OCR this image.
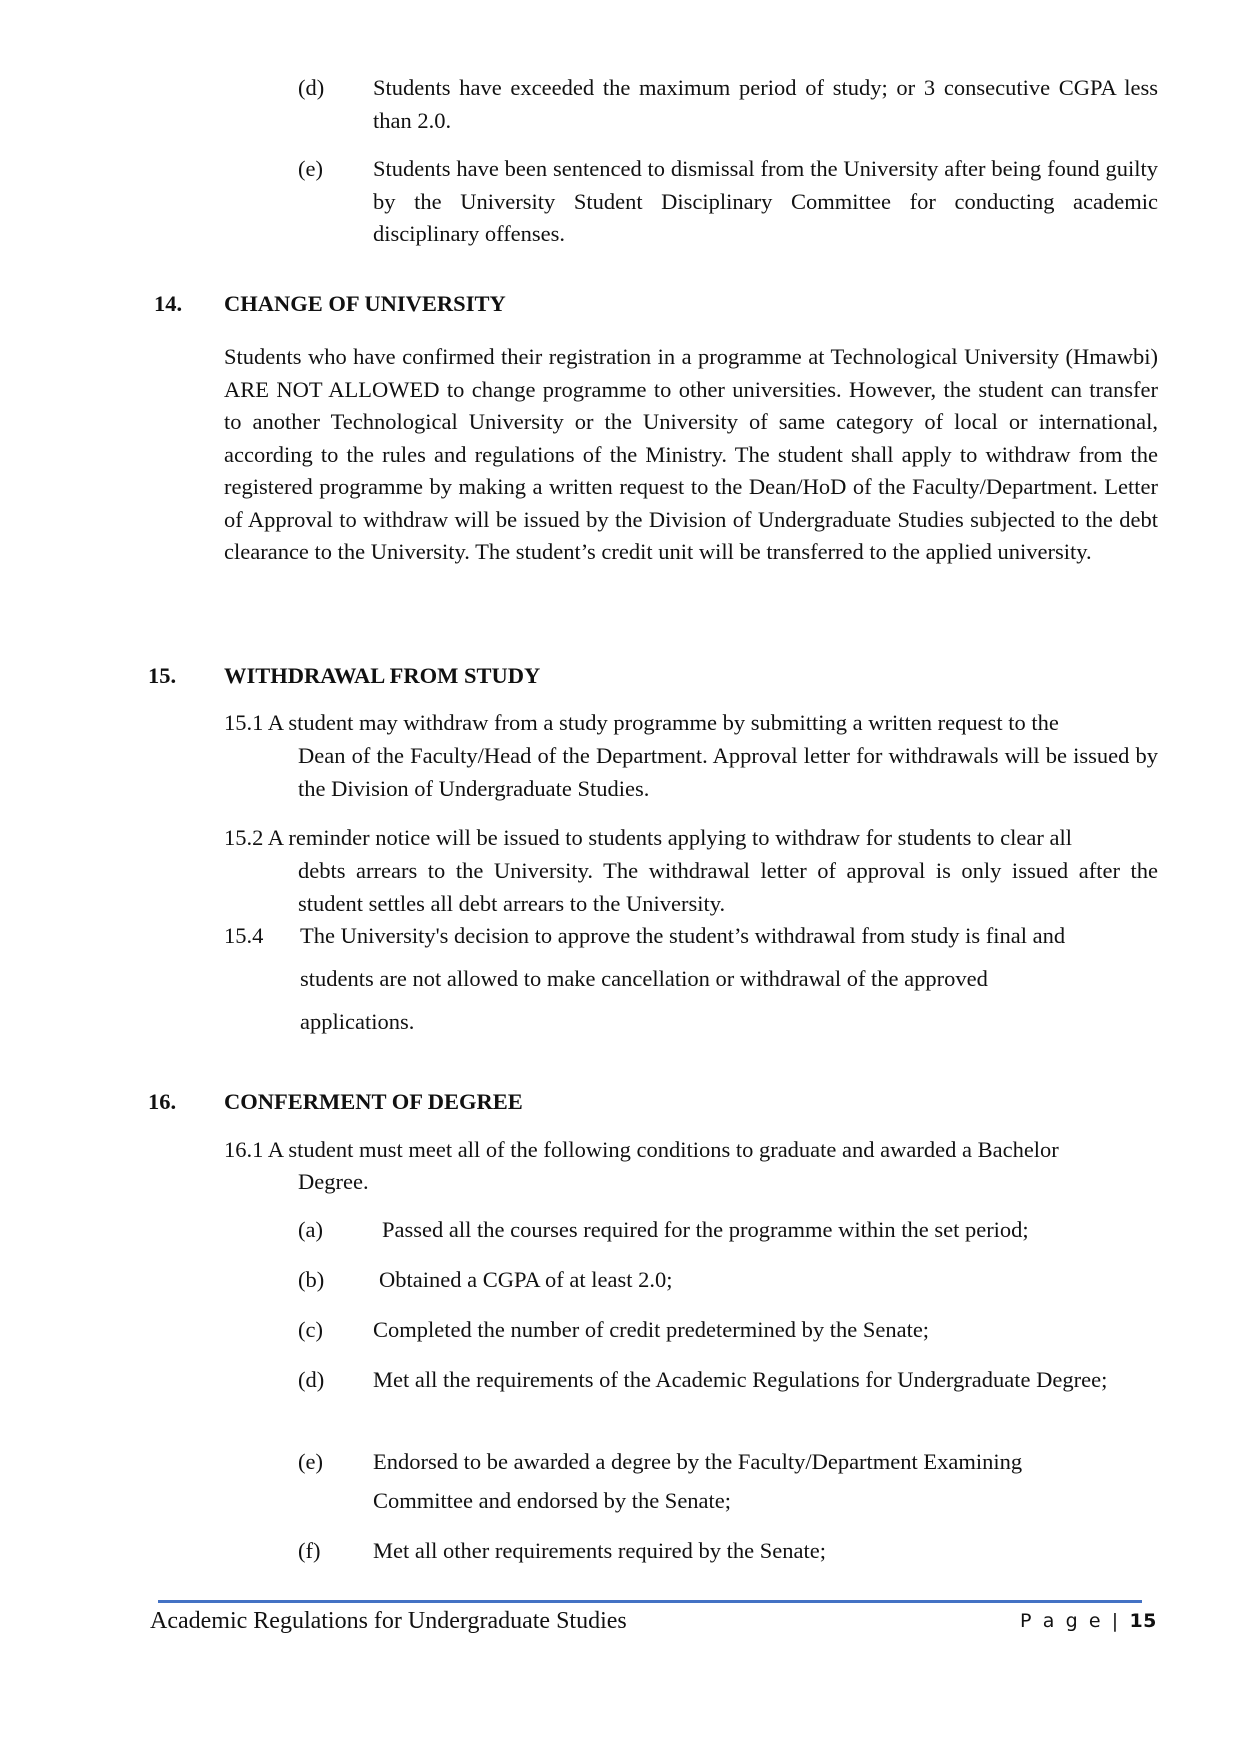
(d) Students have exceeded the maximum period of study; or 3 consecutive CGPA less than 2.0.
(e) Students have been sentenced to dismissal from the University after being found guilty by the University Student Disciplinary Committee for conducting academic disciplinary offenses.
14. CHANGE OF UNIVERSITY
Students who have confirmed their registration in a programme at Technological University (Hmawbi) ARE NOT ALLOWED to change programme to other universities. However, the student can transfer to another Technological University or the University of same category of local or international, according to the rules and regulations of the Ministry. The student shall apply to withdraw from the registered programme by making a written request to the Dean/HoD of the Faculty/Department. Letter of Approval to withdraw will be issued by the Division of Undergraduate Studies subjected to the debt clearance to the University. The student’s credit unit will be transferred to the applied university.
15. WITHDRAWAL FROM STUDY
15.1 A student may withdraw from a study programme by submitting a written request to the
Dean of the Faculty/Head of the Department. Approval letter for withdrawals will be issued by the Division of Undergraduate Studies.
15.2 A reminder notice will be issued to students applying to withdraw for students to clear all
debts arrears to the University. The withdrawal letter of approval is only issued after the student settles all debt arrears to the University.
15.4 The University's decision to approve the student’s withdrawal from study is final and
students are not allowed to make cancellation or withdrawal of the approved
applications.
16. CONFERMENT OF DEGREE
16.1 A student must meet all of the following conditions to graduate and awarded a Bachelor
Degree.
(a)	Passed all the courses required for the programme within the set period;
(b) Obtained a CGPA of at least 2.0;
(c) Completed the number of credit predetermined by the Senate;
(d) Met all the requirements of the Academic Regulations for Undergraduate Degree;
(e) Endorsed to be awarded a degree by the Faculty/Department Examining
Committee and endorsed by the Senate;
(f) Met all other requirements required by the Senate;
Academic Regulations for Undergraduate Studies	P a g e | 15
